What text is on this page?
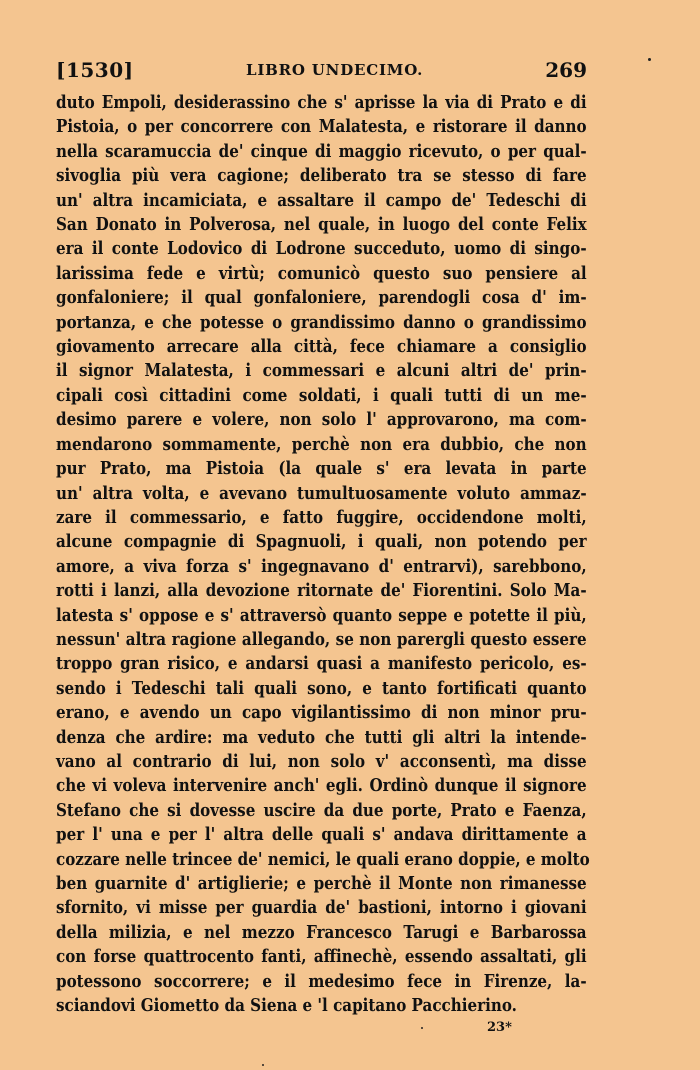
[1530]	LIBRO UNDECIMO.	269
duto Empoli, desiderassino che s' aprisse la via di Prato e di
Pistoia, o per concorrere con Malatesta, e ristorare il danno
nella scaramuccia de' cinque di maggio ricevuto, o per qual-
sivoglia più vera cagione; deliberato tra se stesso di fare
un' altra incamiciata, e assaltare il campo de' Tedeschi di
San Donato in Polverosa, nel quale, in luogo del conte Felix
era il conte Lodovico di Lodrone succeduto, uomo di singo-
larissima fede e virtù; comunicò questo suo pensiere al
gonfaloniere; il qual gonfaloniere, parendogli cosa d' im-
portanza, e che potesse o grandissimo danno o grandissimo
giovamento arrecare alla città, fece chiamare a consiglio
il signor Malatesta, i commessari e alcuni altri de' prin-
cipali così cittadini come soldati, i quali tutti di un me-
desimo parere e volere, non solo l' approvarono, ma com-
mendarono sommamente, perchè non era dubbio, che non
pur Prato, ma Pistoia (la quale s' era levata in parte
un' altra volta, e avevano tumultuosamente voluto ammaz-
zare il commessario, e fatto fuggire, occidendone molti,
alcune compagnie di Spagnuoli, i quali, non potendo per
amore, a viva forza s' ingegnavano d' entrarvi), sarebbono,
rotti i lanzi, alla devozione ritornate de' Fiorentini. Solo Ma-
latesta s' oppose e s' attraversò quanto seppe e potette il più,
nessun' altra ragione allegando, se non parergli questo essere
troppo gran risico, e andarsi quasi a manifesto pericolo, es-
sendo i Tedeschi tali quali sono, e tanto fortificati quanto
erano, e avendo un capo vigilantissimo di non minor pru-
denza che ardire: ma veduto che tutti gli altri la intende-
vano al contrario di lui, non solo v' acconsentì, ma disse
che vi voleva intervenire anch' egli. Ordinò dunque il signore
Stefano che si dovesse uscire da due porte, Prato e Faenza,
per l' una e per l' altra delle quali s' andava dirittamente a
cozzare nelle trincee de' nemici, le quali erano doppie, e molto
ben guarnite d' artiglierie; e perchè il Monte non rimanesse
sfornito, vi misse per guardia de' bastioni, intorno i giovani
della milizia, e nel mezzo Francesco Tarugi e Barbarossa
con forse quattrocento fanti, affinechè, essendo assaltati, gli
potessono soccorrere; e il medesimo fece in Firenze, la-
sciandovi Giometto da Siena e 'l capitano Pacchierino.
23*
